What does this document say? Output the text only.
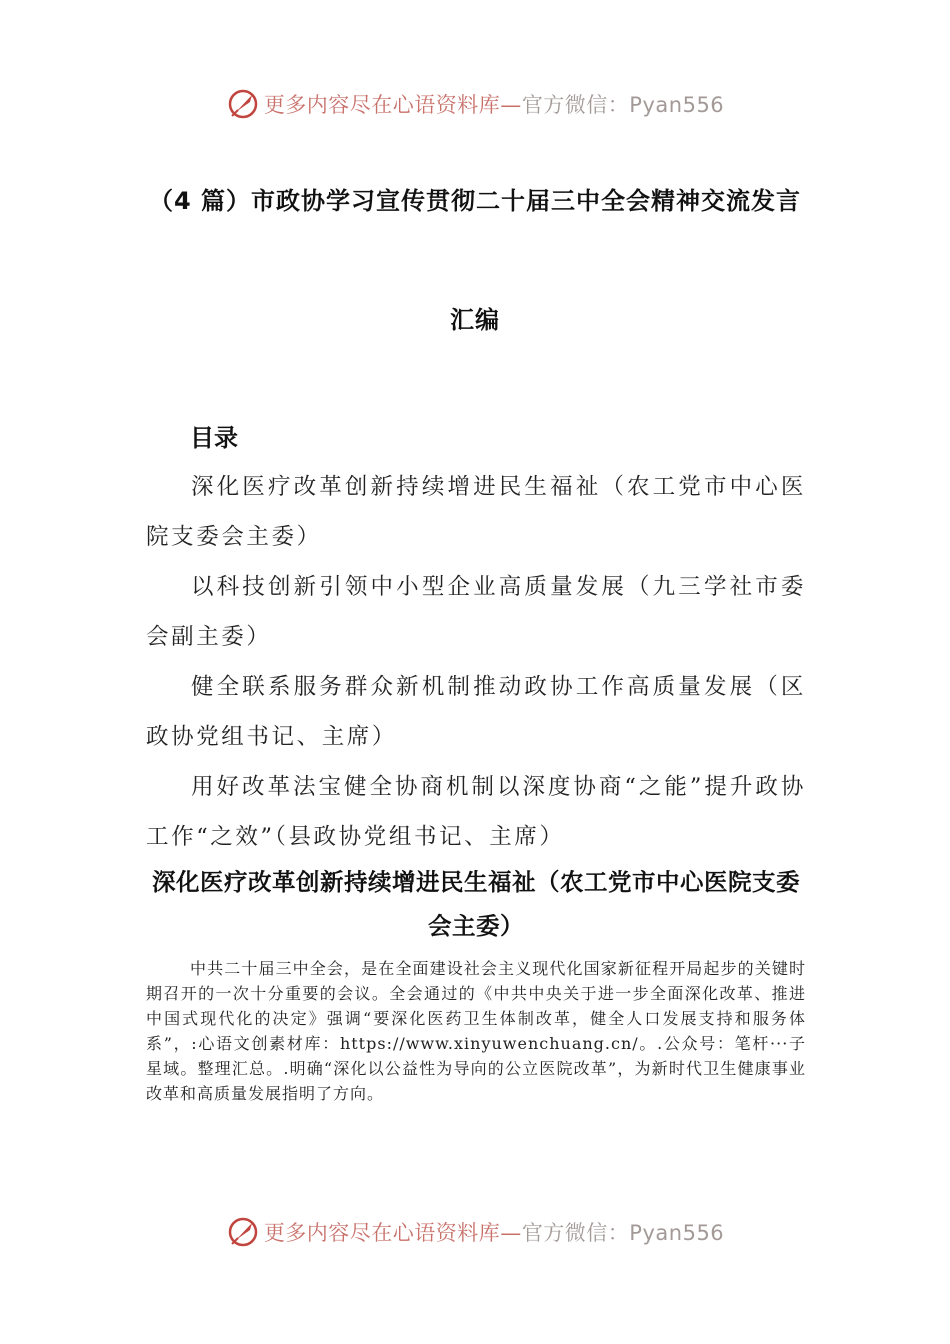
更多内容尽在心语资料库—官方微信：Pyan556
（4 篇）市政协学习宣传贯彻二十届三中全会精神交流发言
汇编
目录
深化医疗改革创新持续增进民生福祉（农工党市中心医院支委会主委）
以科技创新引领中小型企业高质量发展（九三学社市委会副主委）
健全联系服务群众新机制推动政协工作高质量发展（区政协党组书记、主席）
用好改革法宝健全协商机制以深度协商“之能”提升政协工作“之效”（县政协党组书记、主席）
深化医疗改革创新持续增进民生福祉（农工党市中心医院支委会主委）

中共二十届三中全会，是在全面建设社会主义现代化国家新征程开局起步的关键时期召开的一次十分重要的会议。全会通过的《中共中央关于进一步全面深化改革、推进中国式现代化的决定》强调“要深化医药卫生体制改革，健全人口发展支持和服务体系”，:心语文创素材库：https://www.xinyuwenchuang.cn/。.公众号：笔杆···子星域。整理汇总。.明确“深化以公益性为导向的公立医院改革”，为新时代卫生健康事业改革和高质量发展指明了方向。

更多内容尽在心语资料库—官方微信：Pyan556
